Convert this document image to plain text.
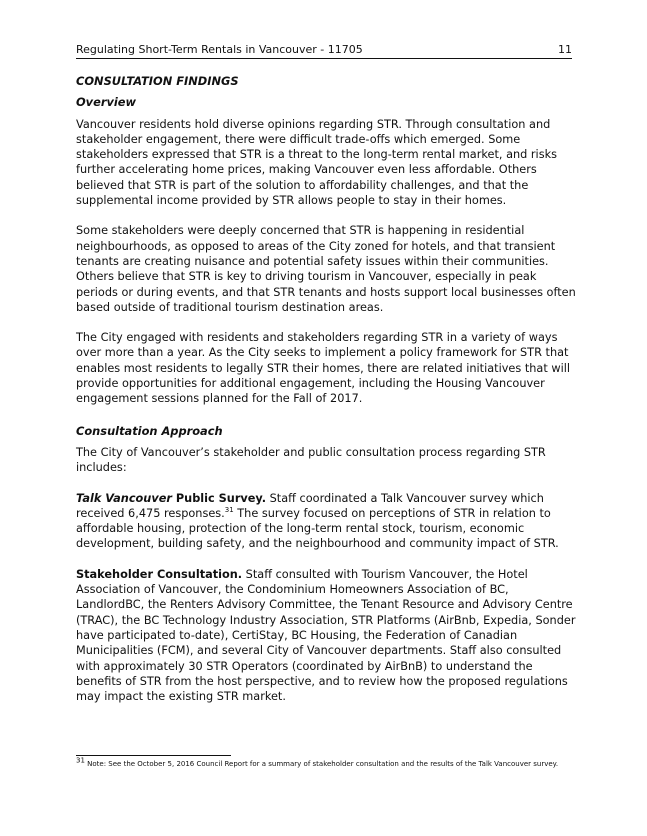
Regulating Short-Term Rentals in Vancouver - 11705	11
CONSULTATION FINDINGS
Overview

Vancouver residents hold diverse opinions regarding STR. Through consultation and stakeholder engagement, there were difficult trade-offs which emerged. Some stakeholders expressed that STR is a threat to the long-term rental market, and risks further accelerating home prices, making Vancouver even less affordable. Others believed that STR is part of the solution to affordability challenges, and that the supplemental income provided by STR allows people to stay in their homes.

Some stakeholders were deeply concerned that STR is happening in residential neighbourhoods, as opposed to areas of the City zoned for hotels, and that transient tenants are creating nuisance and potential safety issues within their communities. Others believe that STR is key to driving tourism in Vancouver, especially in peak periods or during events, and that STR tenants and hosts support local businesses often based outside of traditional tourism destination areas.

The City engaged with residents and stakeholders regarding STR in a variety of ways over more than a year. As the City seeks to implement a policy framework for STR that enables most residents to legally STR their homes, there are related initiatives that will provide opportunities for additional engagement, including the Housing Vancouver engagement sessions planned for the Fall of 2017.

Consultation Approach

The City of Vancouver’s stakeholder and public consultation process regarding STR includes:

Talk Vancouver Public Survey. Staff coordinated a Talk Vancouver survey which received 6,475 responses.$^{31}$ The survey focused on perceptions of STR in relation to affordable housing, protection of the long-term rental stock, tourism, economic development, building safety, and the neighbourhood and community impact of STR.

Stakeholder Consultation. Staff consulted with Tourism Vancouver, the Hotel Association of Vancouver, the Condominium Homeowners Association of BC, LandlordBC, the Renters Advisory Committee, the Tenant Resource and Advisory Centre (TRAC), the BC Technology Industry Association, STR Platforms (AirBnb, Expedia, Sonder have participated to-date), CertiStay, BC Housing, the Federation of Canadian Municipalities (FCM), and several City of Vancouver departments. Staff also consulted with approximately 30 STR Operators (coordinated by AirBnB) to understand the benefits of STR from the host perspective, and to review how the proposed regulations may impact the existing STR market.

$^{31}$ Note: See the October 5, 2016 Council Report for a summary of stakeholder consultation and the results of the Talk Vancouver survey.
